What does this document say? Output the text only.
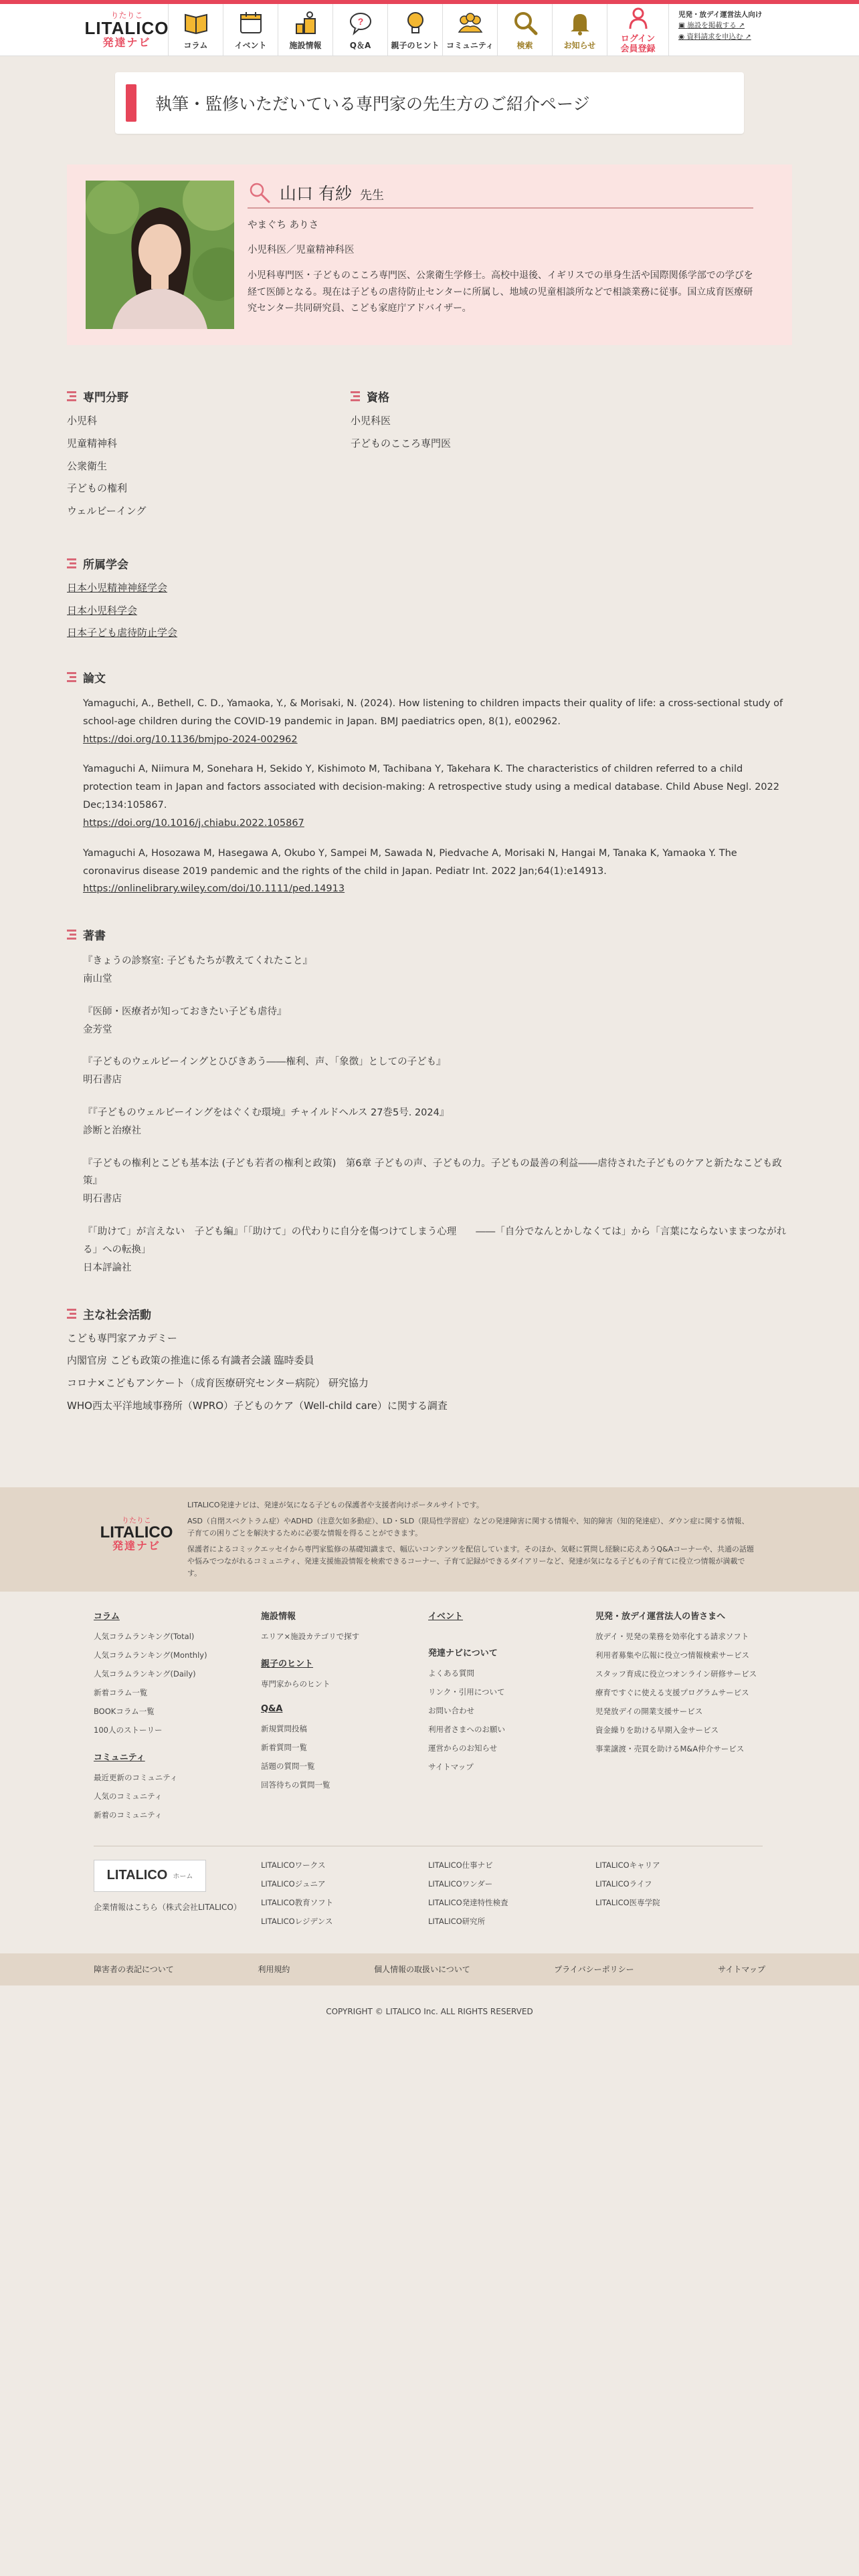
りたりこ
LITALICO
発達ナビ	コラム	イベント	施設情報
?
Q＆A	親子のヒント コミュニティ	検索	お知らせ
ログイン
会員登録
児発・放デイ運営法人向け
▣ 施設を掲載する ↗
◉ 資料請求を申込む ↗
執筆・監修いただいている専門家の先生方のご紹介ページ
山口 有紗 先生

やまぐち ありさ

小児科医／児童精神科医

小児科専門医・子どものこころ専門医、公衆衛生学修士。高校中退後、イギリスでの単身生活や国際関係学部での学びを経て医師となる。現在は子どもの虐待防止センターに所属し、地域の児童相談所などで相談業務に従事。国立成育医療研究センター共同研究員、こども家庭庁アドバイザー。

専門分野
小児科
児童精神科
公衆衛生
子どもの権利
ウェルビーイング
資格
小児科医
子どものこころ専門医
所属学会
日本小児精神神経学会
日本小児科学会
日本子ども虐待防止学会
論文
Yamaguchi, A., Bethell, C. D., Yamaoka, Y., & Morisaki, N. (2024). How listening to children impacts their quality of life: a cross-sectional study of school-age children during the COVID-19 pandemic in Japan. BMJ paediatrics open, 8(1), e002962.
https://doi.org/10.1136/bmjpo-2024-002962
Yamaguchi A, Niimura M, Sonehara H, Sekido Y, Kishimoto M, Tachibana Y, Takehara K. The characteristics of children referred to a child protection team in Japan and factors associated with decision-making: A retrospective study using a medical database. Child Abuse Negl. 2022 Dec;134:105867.
https://doi.org/10.1016/j.chiabu.2022.105867
Yamaguchi A, Hosozawa M, Hasegawa A, Okubo Y, Sampei M, Sawada N, Piedvache A, Morisaki N, Hangai M, Tanaka K, Yamaoka Y. The coronavirus disease 2019 pandemic and the rights of the child in Japan. Pediatr Int. 2022 Jan;64(1):e14913.
https://onlinelibrary.wiley.com/doi/10.1111/ped.14913
著書
『きょうの診察室: 子どもたちが教えてくれたこと』
南山堂
『医師・医療者が知っておきたい子ども虐待』
金芳堂
『子どものウェルビーイングとひびきあう――権利、声、「象徴」としての子ども』
明石書店
『『子どものウェルビーイングをはぐくむ環境』チャイルドヘルス 27巻5号. 2024』
診断と治療社
『子どもの権利とこども基本法 (子ども若者の権利と政策)　第6章 子どもの声、子どもの力。子どもの最善の利益――虐待された子どものケアと新たなこども政策』
明石書店
『「助けて」が言えない　子ども編』「「助けて」の代わりに自分を傷つけてしまう心理　　――「自分でなんとかしなくては」から「言葉にならないままつながれる」への転換」
日本評論社
主な社会活動
こども専門家アカデミー
内閣官房 こども政策の推進に係る有識者会議 臨時委員
コロナ×こどもアンケート（成育医療研究センター病院） 研究協力
WHO西太平洋地域事務所（WPRO）子どものケア（Well-child care）に関する調査
りたりこ
LITALICO
発達ナビ

LITALICO発達ナビは、発達が気になる子どもの保護者や支援者向けポータルサイトです。

ASD（自閉スペクトラム症）やADHD（注意欠如多動症）、LD・SLD（限局性学習症）などの発達障害に関する情報や、知的障害（知的発達症）、ダウン症に関する情報、子育ての困りごとを解決するために必要な情報を得ることができます。

保護者によるコミックエッセイから専門家監修の基礎知識まで、幅広いコンテンツを配信しています。そのほか、気軽に質問し経験に応えあうQ&Aコーナーや、共通の話題や悩みでつながれるコミュニティ、発達支援施設情報を検索できるコーナー、子育て記録ができるダイアリーなど、発達が気になる子どもの子育てに役立つ情報が満載です。

コラム
人気コラムランキング(Total)
人気コラムランキング(Monthly)
人気コラムランキング(Daily)
新着コラム一覧
BOOKコラム一覧
100人のストーリー
コミュニティ
最近更新のコミュニティ
人気のコミュニティ
新着のコミュニティ
施設情報
エリア×施設カテゴリで探す
親子のヒント
専門家からのヒント
Q&A
新規質問投稿
新着質問一覧
話題の質問一覧
回答待ちの質問一覧
イベント
発達ナビについて
よくある質問
リンク・引用について
お問い合わせ
利用者さまへのお願い
運営からのお知らせ
サイトマップ
児発・放デイ運営法人の皆さまへ
放デイ・児発の業務を効率化する請求ソフト
利用者募集や広報に役立つ情報検索サービス
スタッフ育成に役立つオンライン研修サービス
療育ですぐに使える支援プログラムサービス
児発放デイの開業支援サービス
資金繰りを助ける早期入金サービス
事業譲渡・売買を助けるM&A仲介サービス
LITALICO ホーム
企業情報はこちら（株式会社LITALICO）
LITALICOワークス
LITALICOジュニア
LITALICO教育ソフト
LITALICOレジデンス
LITALICO仕事ナビ
LITALICOワンダー
LITALICO発達特性検査
LITALICO研究所
LITALICOキャリア
LITALICOライフ
LITALICO医専学院
障害者の表記について	利用規約	個人情報の取扱いについて	プライバシーポリシー	サイトマップ
COPYRIGHT © LITALICO Inc. ALL RIGHTS RESERVED
